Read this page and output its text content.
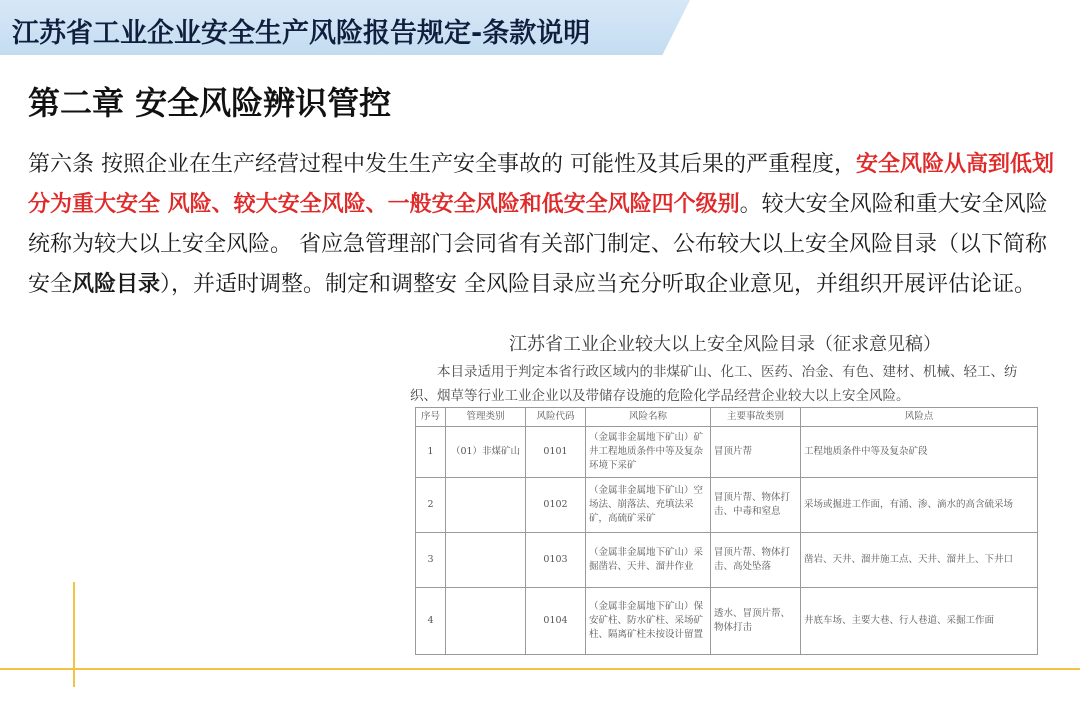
江苏省工业企业安全生产风险报告规定-条款说明
第二章 安全风险辨识管控
第六条 按照企业在生产经营过程中发生生产安全事故的 可能性及其后果的严重程度，安全风险从高到低划分为重大安全 风险、较大安全风险、一般安全风险和低安全风险四个级别。较大安全风险和重大安全风险统称为较大以上安全风险。 省应急管理部门会同省有关部门制定、公布较大以上安全风险目录（以下简称安全风险目录），并适时调整。制定和调整安 全风险目录应当充分听取企业意见，并组织开展评估论证。
江苏省工业企业较大以上安全风险目录（征求意见稿）
本目录适用于判定本省行政区域内的非煤矿山、化工、医药、冶金、有色、建材、机械、轻工、纺织、烟草等行业工业企业以及带储存设施的危险化学品经营企业较大以上安全风险。
序号	管理类别	风险代码	风险名称	主要事故类别	风险点
1	（01）非煤矿山	0101	（金属非金属地下矿山）矿井工程地质条件中等及复杂环境下采矿	冒顶片帮	工程地质条件中等及复杂矿段
2		0102	（金属非金属地下矿山）空场法、崩落法、充填法采矿，高硫矿采矿	冒顶片帮、物体打击、中毒和窒息	采场或掘进工作面，有涌、渗、滴水的高含硫采场
3		0103	（金属非金属地下矿山）采掘凿岩、天井、溜井作业	冒顶片帮、物体打击、高处坠落	凿岩、天井、溜井施工点、天井、溜井上、下井口
4		0104	（金属非金属地下矿山）保安矿柱、防水矿柱、采场矿柱、隔离矿柱未按设计留置	透水、冒顶片帮、物体打击	井底车场、主要大巷、行人巷道、采掘工作面
